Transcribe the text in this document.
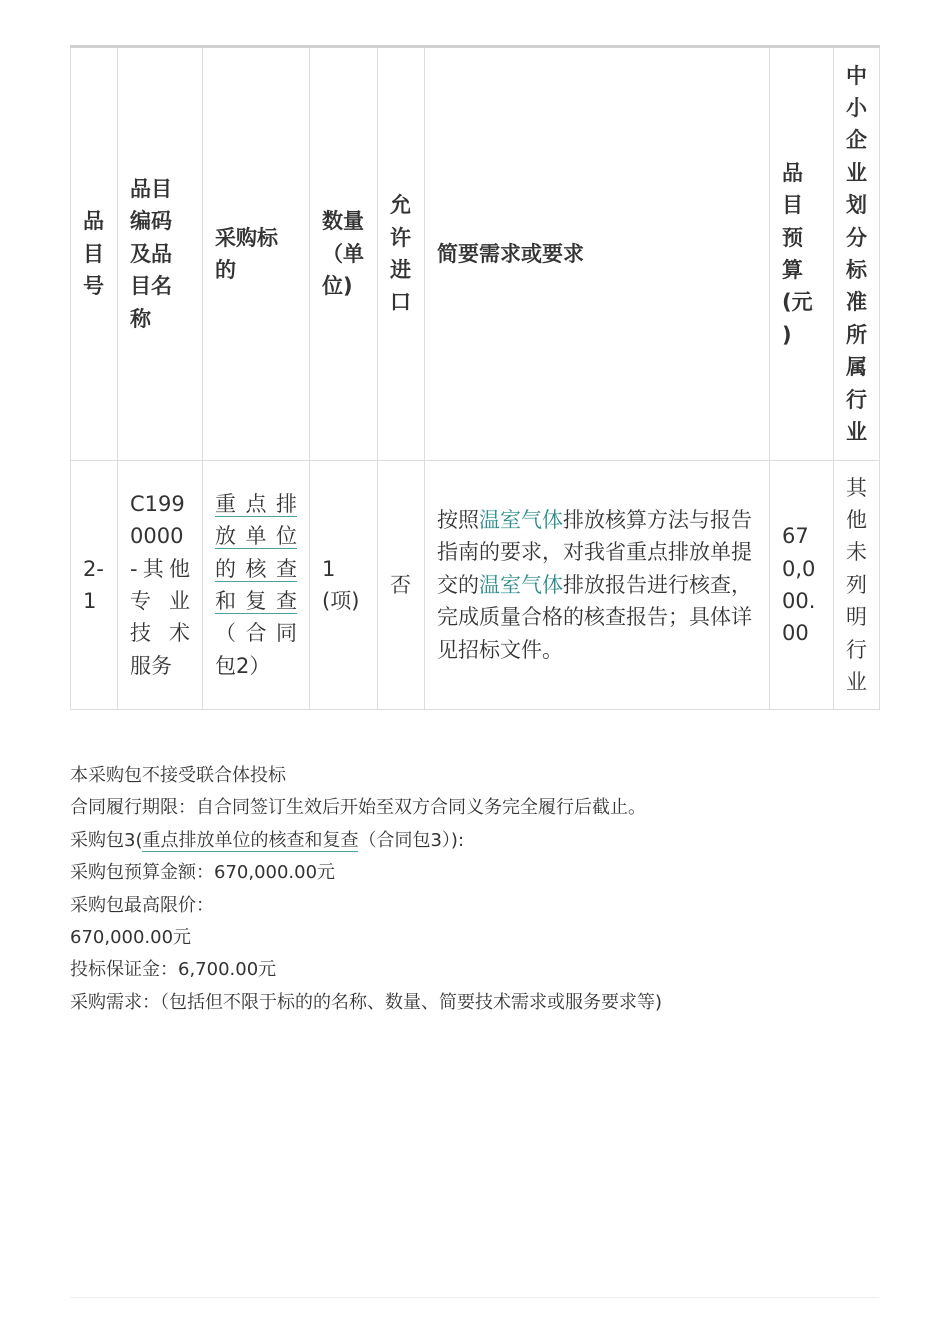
品目号	品目编码及品目名称	采购标的	数量（单位)	允许进口	简要需求或要求	品目预算(元)	中小企业划分标准所属行业
2-1	C1990000-其他专业技术服务	重点排放单位的核查和复查（合同包2）	1(项)	否	按照温室气体排放核算方法与报告指南的要求，对我省重点排放单提交的温室气体排放报告进行核查，完成质量合格的核查报告；具体详见招标文件。	670,000.00	其他未列明行业
本采购包不接受联合体投标
合同履行期限：自合同签订生效后开始至双方合同义务完全履行后截止。
采购包3(重点排放单位的核查和复查（合同包3）):
采购包预算金额：670,000.00元
采购包最高限价：
670,000.00元
投标保证金：6,700.00元
采购需求：（包括但不限于标的的名称、数量、简要技术需求或服务要求等)
